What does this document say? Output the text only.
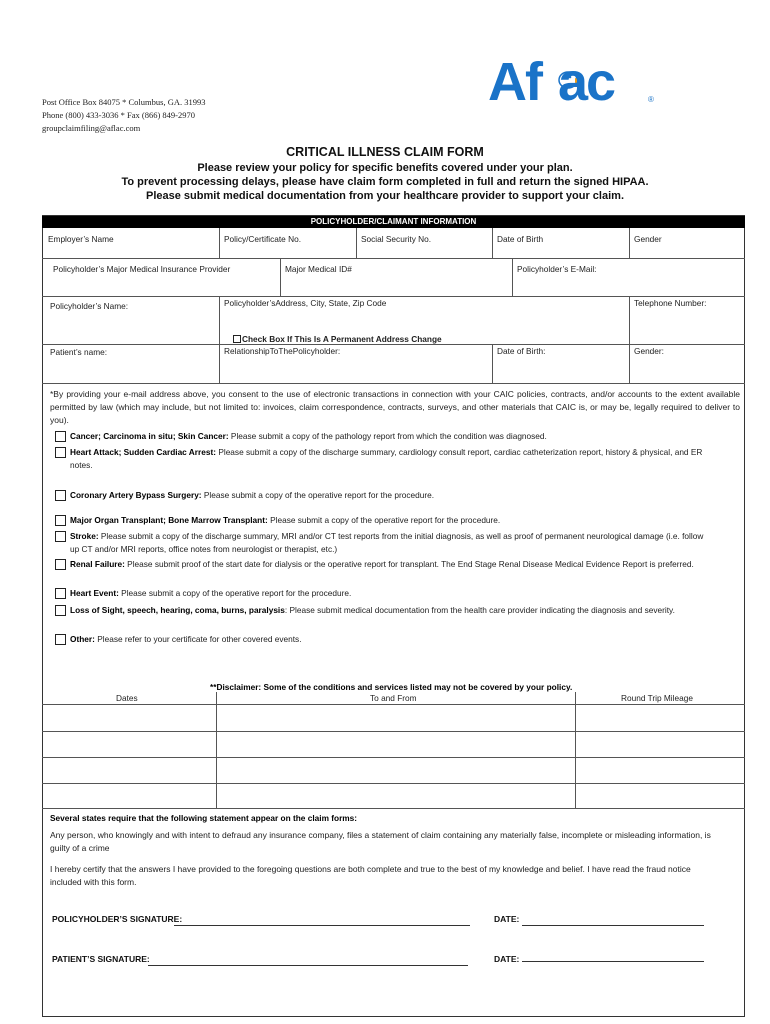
Post Office Box 84075 * Columbus, GA. 31993
Phone (800) 433-3036 * Fax (866) 849-2970
groupclaimfiling@aflac.com
Af ac	®
CRITICAL ILLNESS CLAIM FORM
Please review your policy for specific benefits covered under your plan.
To prevent processing delays, please have claim form completed in full and return the signed HIPAA.
Please submit medical documentation from your healthcare provider to support your claim.
POLICYHOLDER/CLAIMANT INFORMATION
Employer’s Name	Policy/Certificate No.	Social Security No.	Date of Birth	Gender
Policyholder’s Major Medical Insurance Provider	Major Medical ID#	Policyholder’s E-Mail:
Policyholder’s Name:	Policyholder’sAddress, City, State, Zip Code	Telephone Number:
Check Box If This Is A Permanent Address Change
Patient’s name:	RelationshipToThePolicyholder:	Date of Birth:	Gender:
*By providing your e-mail address above, you consent to the use of electronic transactions in connection with your CAIC policies, contracts, and/or accounts to the extent available permitted by law (which may include, but not limited to: invoices, claim correspondence, contracts, surveys, and other materials that CAIC is, or may be, legally required to deliver to you).
Cancer; Carcinoma in situ; Skin Cancer: Please submit a copy of the pathology report from which the condition was diagnosed.
Heart Attack; Sudden Cardiac Arrest: Please submit a copy of the discharge summary, cardiology consult report, cardiac catheterization report, history & physical, and ER notes.
Coronary Artery Bypass Surgery: Please submit a copy of the operative report for the procedure.
Major Organ Transplant; Bone Marrow Transplant: Please submit a copy of the operative report for the procedure.
Stroke: Please submit a copy of the discharge summary, MRI and/or CT test reports from the initial diagnosis, as well as proof of permanent neurological damage (i.e. follow up CT and/or MRI reports, office notes from neurologist or therapist, etc.)
Renal Failure: Please submit proof of the start date for dialysis or the operative report for transplant. The End Stage Renal Disease Medical Evidence Report is preferred.
Heart Event: Please submit a copy of the operative report for the procedure.
Loss of Sight, speech, hearing, coma, burns, paralysis: Please submit medical documentation from the health care provider indicating the diagnosis and severity.
Other: Please refer to your certificate for other covered events.
**Disclaimer: Some of the conditions and services listed may not be covered by your policy.
Dates	To and From	Round Trip Mileage
Several states require that the following statement appear on the claim forms:
Any person, who knowingly and with intent to defraud any insurance company, files a statement of claim containing any materially false, incomplete or misleading information, is guilty of a crime
I hereby certify that the answers I have provided to the foregoing questions are both complete and true to the best of my knowledge and belief. I have read the fraud notice included with this form.
POLICYHOLDER’S SIGNATURE:	DATE:
PATIENT’S SIGNATURE:	DATE:
